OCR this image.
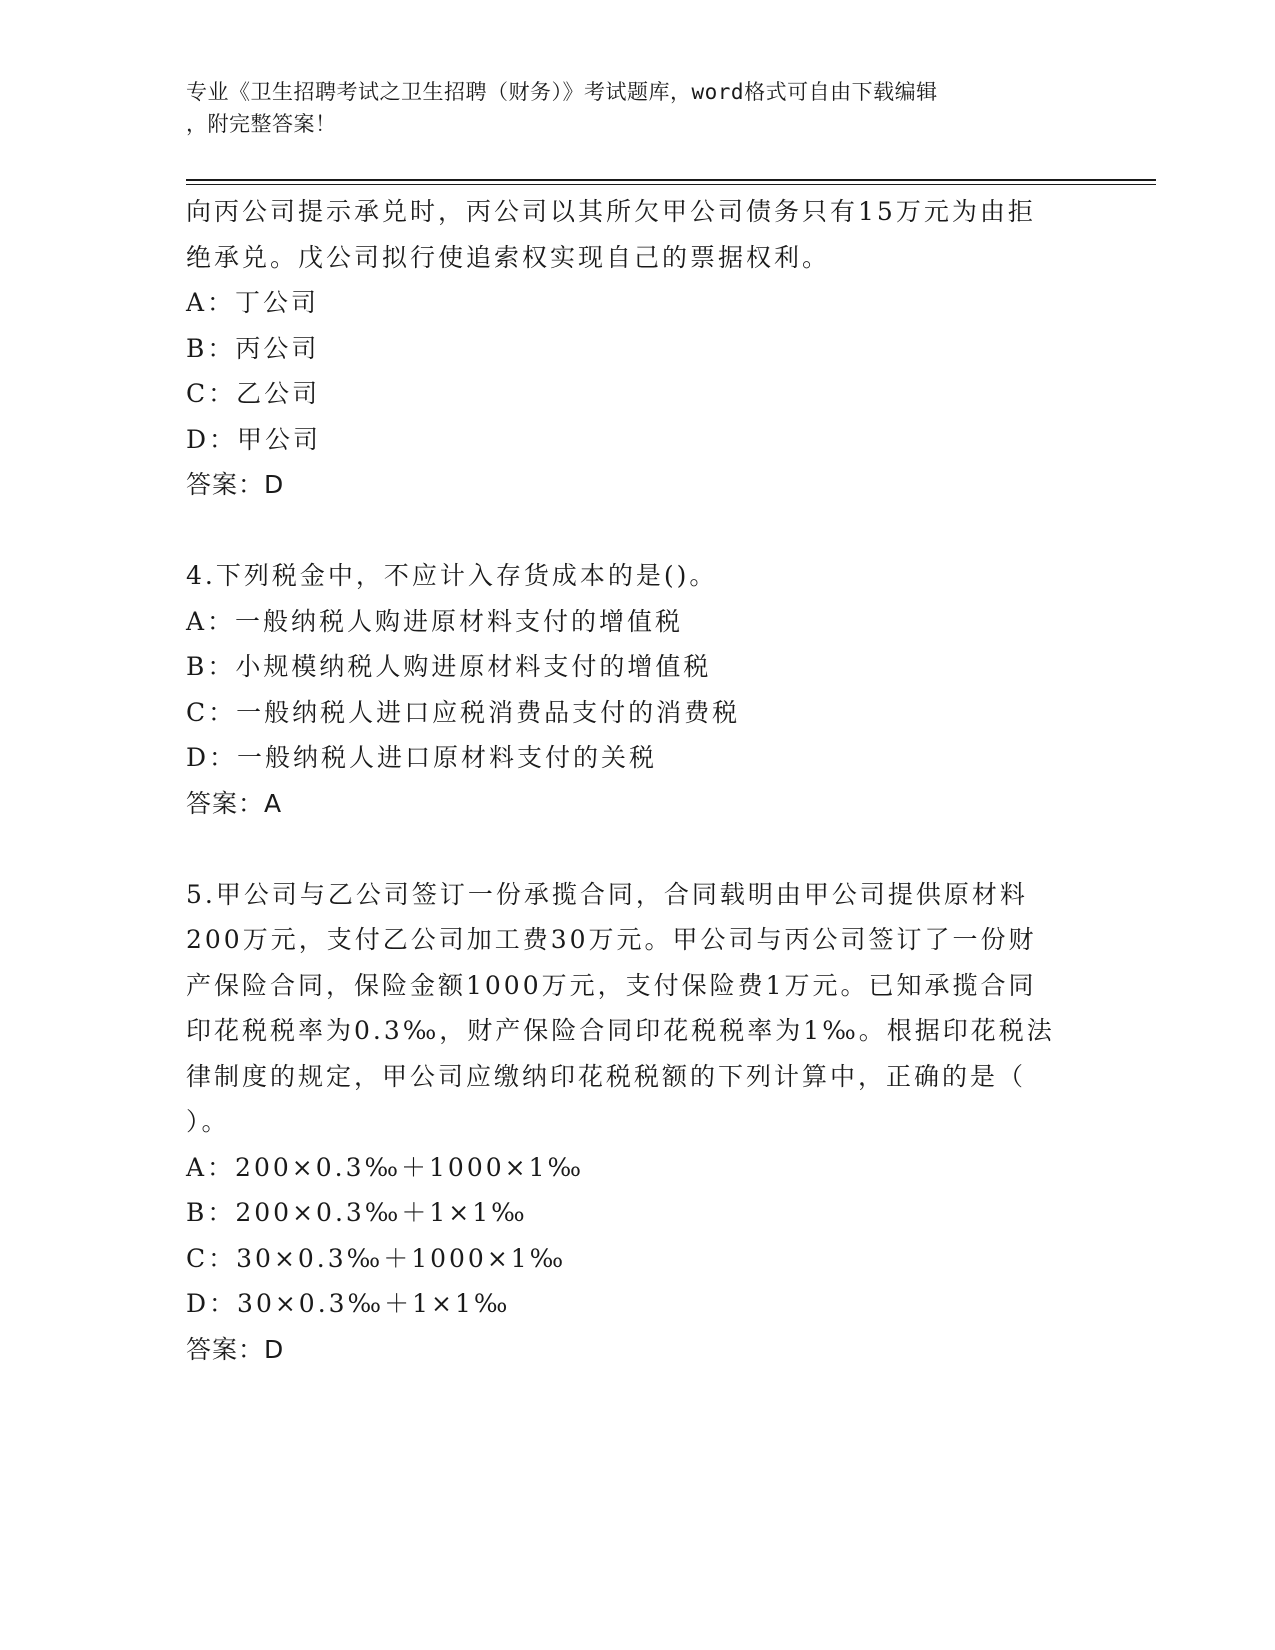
专业《卫生招聘考试之卫生招聘（财务）》考试题库，word格式可自由下载编辑
，附完整答案！
向丙公司提示承兑时，丙公司以其所欠甲公司债务只有15万元为由拒
绝承兑。戊公司拟行使追索权实现自己的票据权利。
A：丁公司
B：丙公司
C：乙公司
D：甲公司
答案：D
4.下列税金中，不应计入存货成本的是()。
A：一般纳税人购进原材料支付的增值税
B：小规模纳税人购进原材料支付的增值税
C：一般纳税人进口应税消费品支付的消费税
D：一般纳税人进口原材料支付的关税
答案：A
5.甲公司与乙公司签订一份承揽合同，合同载明由甲公司提供原材料
200万元，支付乙公司加工费30万元。甲公司与丙公司签订了一份财
产保险合同，保险金额1000万元，支付保险费1万元。已知承揽合同
印花税税率为0.3‰，财产保险合同印花税税率为1‰。根据印花税法
律制度的规定，甲公司应缴纳印花税税额的下列计算中，正确的是（
）。
A：200×0.3‰＋1000×1‰
B：200×0.3‰＋1×1‰
C：30×0.3‰＋1000×1‰
D：30×0.3‰＋1×1‰
答案：D
